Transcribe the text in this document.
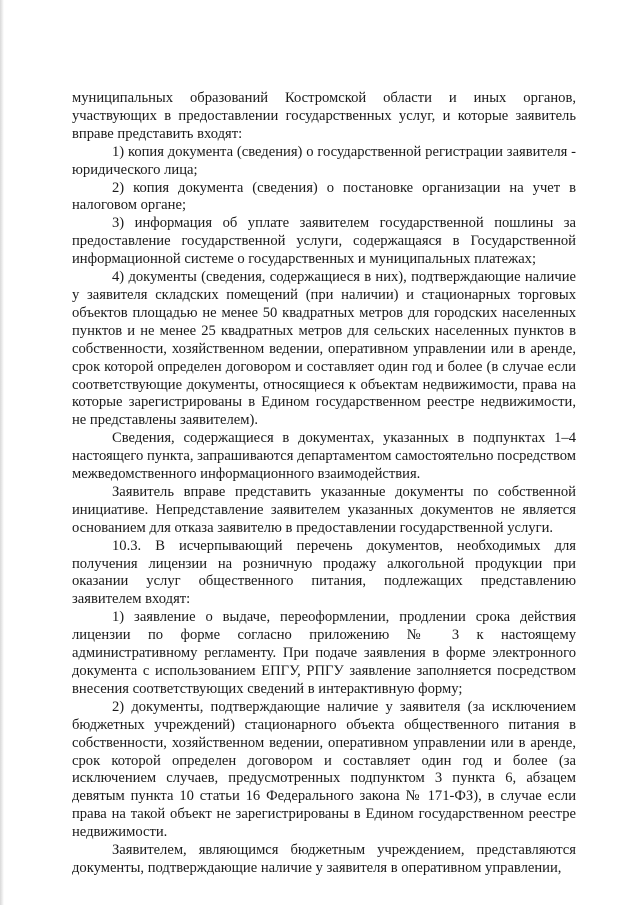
муниципальных образований Костромской области и иных органов, участвующих в предоставлении государственных услуг, и которые заявитель вправе представить входят:

1) копия документа (сведения) о государственной регистрации заявителя - юридического лица;

2) копия документа (сведения) о постановке организации на учет в налоговом органе;

3) информация об уплате заявителем государственной пошлины за предоставление государственной услуги, содержащаяся в Государственной информационной системе о государственных и муниципальных платежах;

4) документы (сведения, содержащиеся в них), подтверждающие наличие у заявителя складских помещений (при наличии) и стационарных торговых объектов площадью не менее 50 квадратных метров для городских населенных пунктов и не менее 25 квадратных метров для сельских населенных пунктов в собственности, хозяйственном ведении, оперативном управлении или в аренде, срок которой определен договором и составляет один год и более (в случае если соответствующие документы, относящиеся к объектам недвижимости, права на которые зарегистрированы в Едином государственном реестре недвижимости, не представлены заявителем).

Сведения, содержащиеся в документах, указанных в подпунктах 1–4 настоящего пункта, запрашиваются департаментом самостоятельно посредством межведомственного информационного взаимодействия.

Заявитель вправе представить указанные документы по собственной инициативе. Непредставление заявителем указанных документов не является основанием для отказа заявителю в предоставлении государственной услуги.

10.3. В исчерпывающий перечень документов, необходимых для получения лицензии на розничную продажу алкогольной продукции при оказании услуг общественного питания, подлежащих представлению заявителем входят:

1) заявление о выдаче, переоформлении, продлении срока действия лицензии по форме согласно приложению № 3 к настоящему административному регламенту. При подаче заявления в форме электронного документа с использованием ЕПГУ, РПГУ заявление заполняется посредством внесения соответствующих сведений в интерактивную форму;

2) документы, подтверждающие наличие у заявителя (за исключением бюджетных учреждений) стационарного объекта общественного питания в собственности, хозяйственном ведении, оперативном управлении или в аренде, срок которой определен договором и составляет один год и более (за исключением случаев, предусмотренных подпунктом 3 пункта 6, абзацем девятым пункта 10 статьи 16 Федерального закона № 171-ФЗ), в случае если права на такой объект не зарегистрированы в Едином государственном реестре недвижимости.

Заявителем, являющимся бюджетным учреждением, представляются документы, подтверждающие наличие у заявителя в оперативном управлении,
